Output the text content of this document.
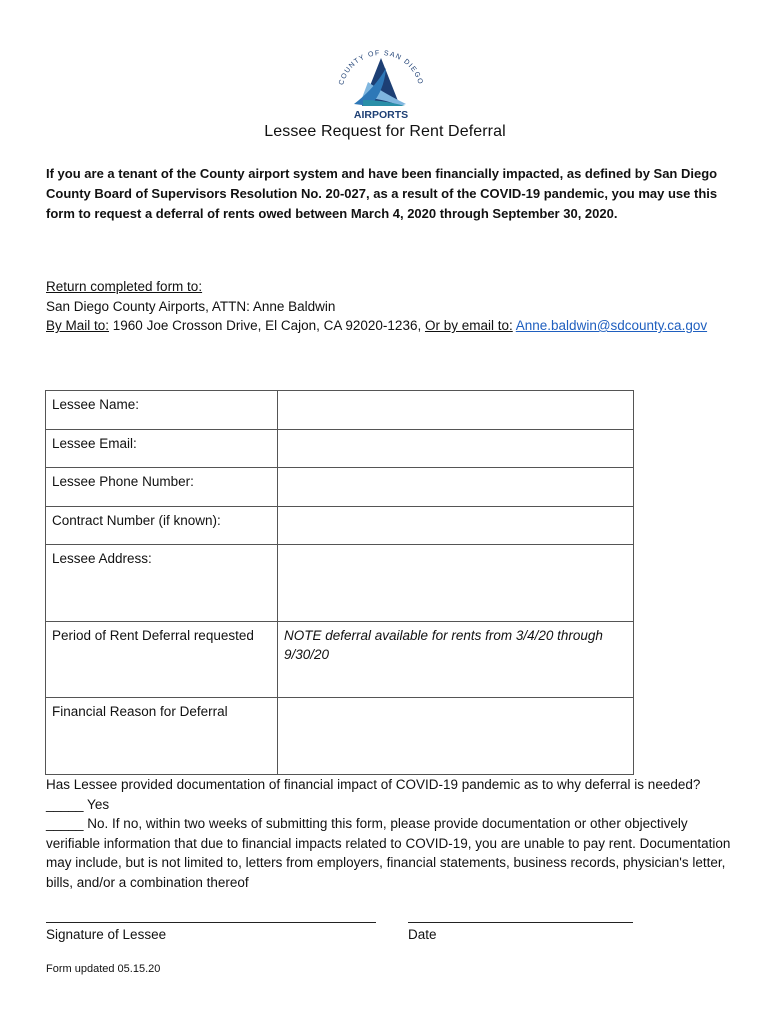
COUNTY OF SAN DIEGO
AIRPORTS
Lessee Request for Rent Deferral
If you are a tenant of the County airport system and have been financially impacted, as defined by San Diego County Board of Supervisors Resolution No. 20-027, as a result of the COVID-19 pandemic, you may use this form to request a deferral of rents owed between March 4, 2020 through September 30, 2020.
Return completed form to:
San Diego County Airports, ATTN: Anne Baldwin
By Mail to: 1960 Joe Crosson Drive, El Cajon, CA 92020-1236, Or by email to: Anne.baldwin@sdcounty.ca.gov
Lessee Name:	
Lessee Email:	
Lessee Phone Number:	
Contract Number (if known):	
Lessee Address:	
Period of Rent Deferral requested	NOTE deferral available for rents from 3/4/20 through 9/30/20
Financial Reason for Deferral	
Has Lessee provided documentation of financial impact of COVID-19 pandemic as to why deferral is needed?
_____ Yes
_____ No. If no, within two weeks of submitting this form, please provide documentation or other objectively verifiable information that due to financial impacts related to COVID-19, you are unable to pay rent. Documentation may include, but is not limited to, letters from employers, financial statements, business records, physician's letter, bills, and/or a combination thereof
Signature of Lessee	Date
Form updated 05.15.20
